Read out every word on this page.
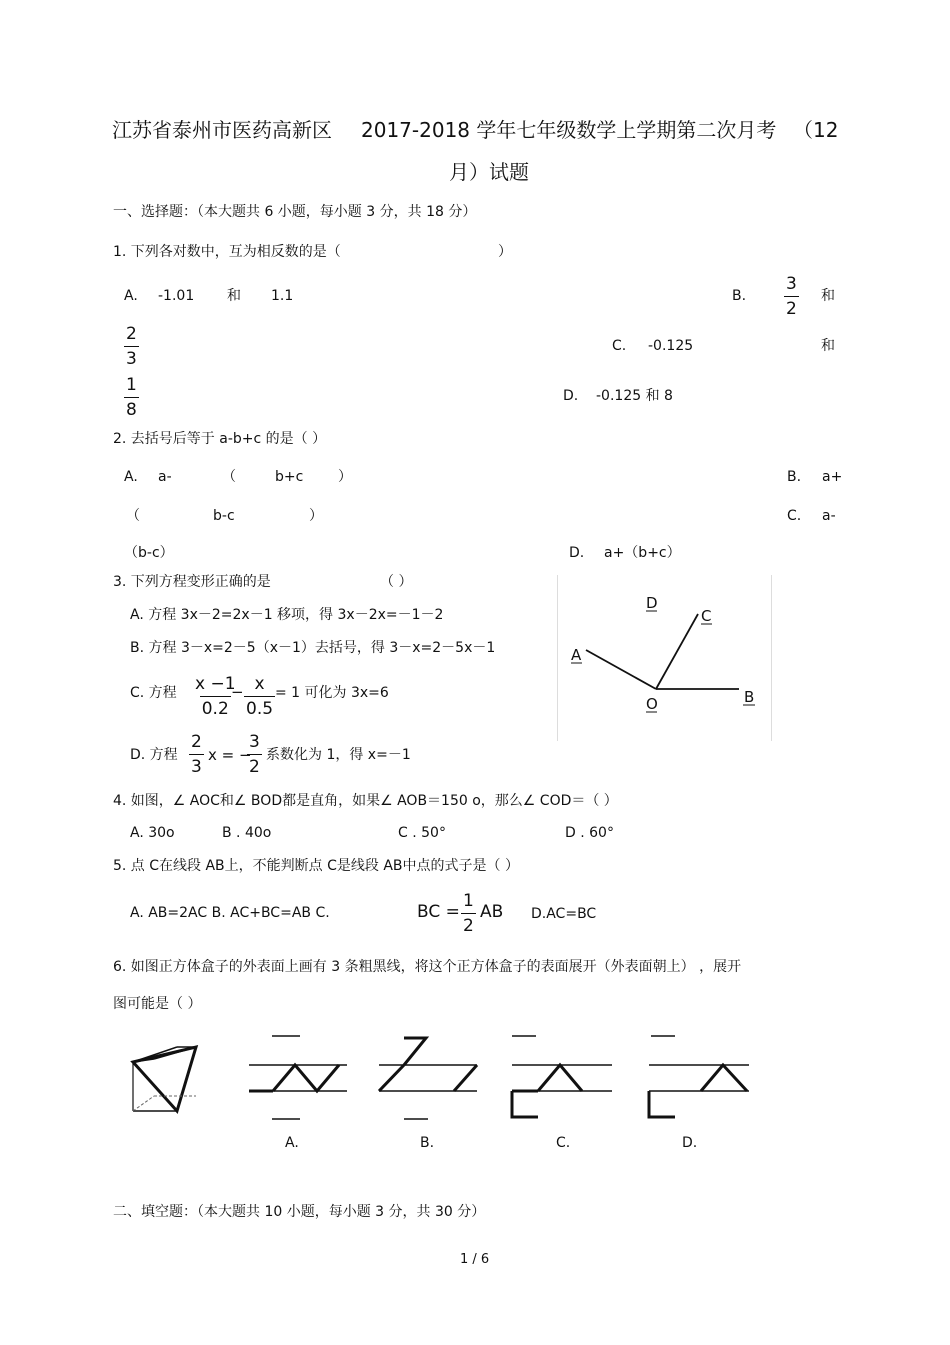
江苏省泰州市医药高新区 2017-2018 学年七年级数学上学期第二次月考 （12
月）试题
一、选择题：（本大题共 6 小题，每小题 3 分，共 18 分）
1. 下列各对数中，互为相反数的是（	）
A. -1.01 和 1.1	B. $\frac{3}{2}$ 和
$\frac{2}{3}$	C. -0.125	和
$\frac{1}{8}$	D. -0.125 和 8
2. 去括号后等于 a-b+c 的是（ ）
A. a-	（	b+c ）	B. a+
（	b-c	）	C. a-
（b-c）	D. a+（b+c）
3. 下列方程变形正确的是	（ ）
A. 方程 3x－2=2x－1 移项，得 3x－2x=－1－2
B. 方程 3－x=2－5（x－1）去括号，得 3－x=2－5x－1
C. 方程 $\frac{x -1}{0.2}$
− $\frac{x}{0.5} = 1$ 可化为 3x=6
D. 方程 $\frac{2}{3}$ x = −
$\frac{3}{2}$ 系数化为 1，得 x=－1
D
C
A
O	B
4. 如图，∠ AOC和∠ BOD都是直角，如果∠ AOB＝150 o，那么∠ COD＝（ ）
A. 30o	B . 40o	C . 50°	D . 60°
5. 点 C在线段 AB上，不能判断点 C是线段 AB中点的式子是（ ）
A. AB=2AC B. AC+BC=AB C.	BC = $\frac{1}{2}$ AB D.AC=BC
6. 如图正方体盒子的外表面上画有 3 条粗黑线，将这个正方体盒子的表面展开（外表面朝上） ，展开
图可能是（ ）
A.	B.	C.	D.
二、填空题：（本大题共 10 小题，每小题 3 分，共 30 分）
1 / 6
